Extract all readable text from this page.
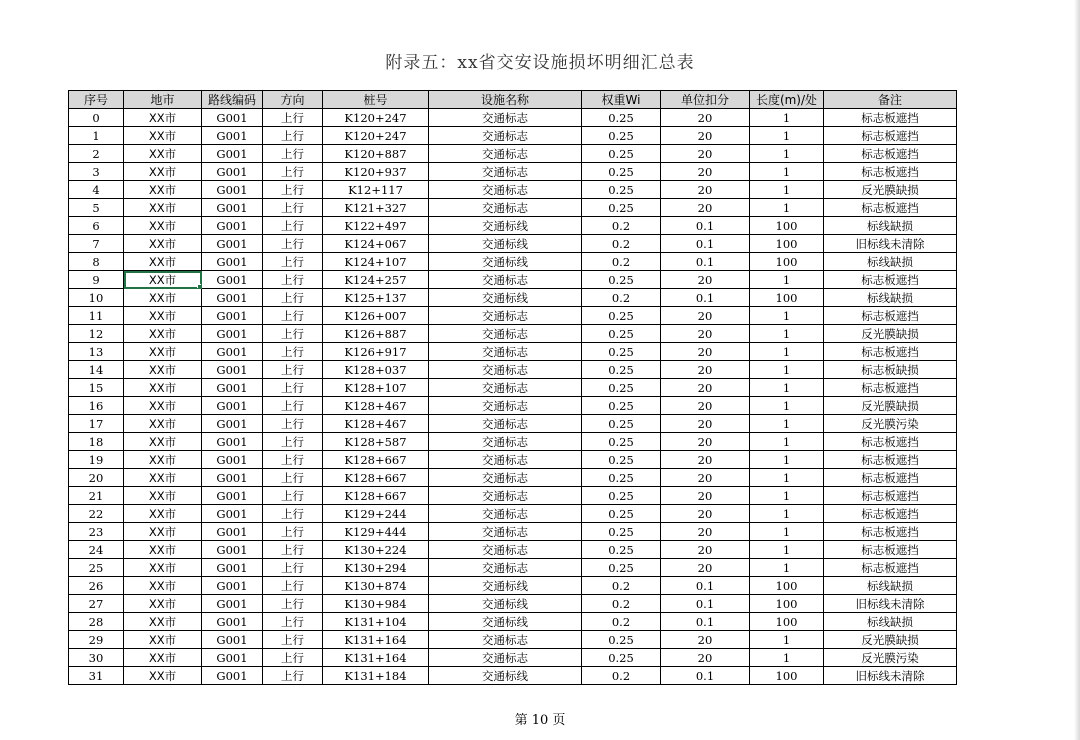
附录五：xx省交安设施损坏明细汇总表
序号	地市	路线编码	方向	桩号	设施名称	权重Wi	单位扣分	长度(m)/处	备注
0	XX市	G001	上行	K120+247	交通标志	0.25	20	1	标志板遮挡
1	XX市	G001	上行	K120+247	交通标志	0.25	20	1	标志板遮挡
2	XX市	G001	上行	K120+887	交通标志	0.25	20	1	标志板遮挡
3	XX市	G001	上行	K120+937	交通标志	0.25	20	1	标志板遮挡
4	XX市	G001	上行	K12+117	交通标志	0.25	20	1	反光膜缺损
5	XX市	G001	上行	K121+327	交通标志	0.25	20	1	标志板遮挡
6	XX市	G001	上行	K122+497	交通标线	0.2	0.1	100	标线缺损
7	XX市	G001	上行	K124+067	交通标线	0.2	0.1	100	旧标线未清除
8	XX市	G001	上行	K124+107	交通标线	0.2	0.1	100	标线缺损
9	XX市	G001	上行	K124+257	交通标志	0.25	20	1	标志板遮挡
10	XX市	G001	上行	K125+137	交通标线	0.2	0.1	100	标线缺损
11	XX市	G001	上行	K126+007	交通标志	0.25	20	1	标志板遮挡
12	XX市	G001	上行	K126+887	交通标志	0.25	20	1	反光膜缺损
13	XX市	G001	上行	K126+917	交通标志	0.25	20	1	标志板遮挡
14	XX市	G001	上行	K128+037	交通标志	0.25	20	1	标志板缺损
15	XX市	G001	上行	K128+107	交通标志	0.25	20	1	标志板遮挡
16	XX市	G001	上行	K128+467	交通标志	0.25	20	1	反光膜缺损
17	XX市	G001	上行	K128+467	交通标志	0.25	20	1	反光膜污染
18	XX市	G001	上行	K128+587	交通标志	0.25	20	1	标志板遮挡
19	XX市	G001	上行	K128+667	交通标志	0.25	20	1	标志板遮挡
20	XX市	G001	上行	K128+667	交通标志	0.25	20	1	标志板遮挡
21	XX市	G001	上行	K128+667	交通标志	0.25	20	1	标志板遮挡
22	XX市	G001	上行	K129+244	交通标志	0.25	20	1	标志板遮挡
23	XX市	G001	上行	K129+444	交通标志	0.25	20	1	标志板遮挡
24	XX市	G001	上行	K130+224	交通标志	0.25	20	1	标志板遮挡
25	XX市	G001	上行	K130+294	交通标志	0.25	20	1	标志板遮挡
26	XX市	G001	上行	K130+874	交通标线	0.2	0.1	100	标线缺损
27	XX市	G001	上行	K130+984	交通标线	0.2	0.1	100	旧标线未清除
28	XX市	G001	上行	K131+104	交通标线	0.2	0.1	100	标线缺损
29	XX市	G001	上行	K131+164	交通标志	0.25	20	1	反光膜缺损
30	XX市	G001	上行	K131+164	交通标志	0.25	20	1	反光膜污染
31	XX市	G001	上行	K131+184	交通标线	0.2	0.1	100	旧标线未清除
第 10 页
